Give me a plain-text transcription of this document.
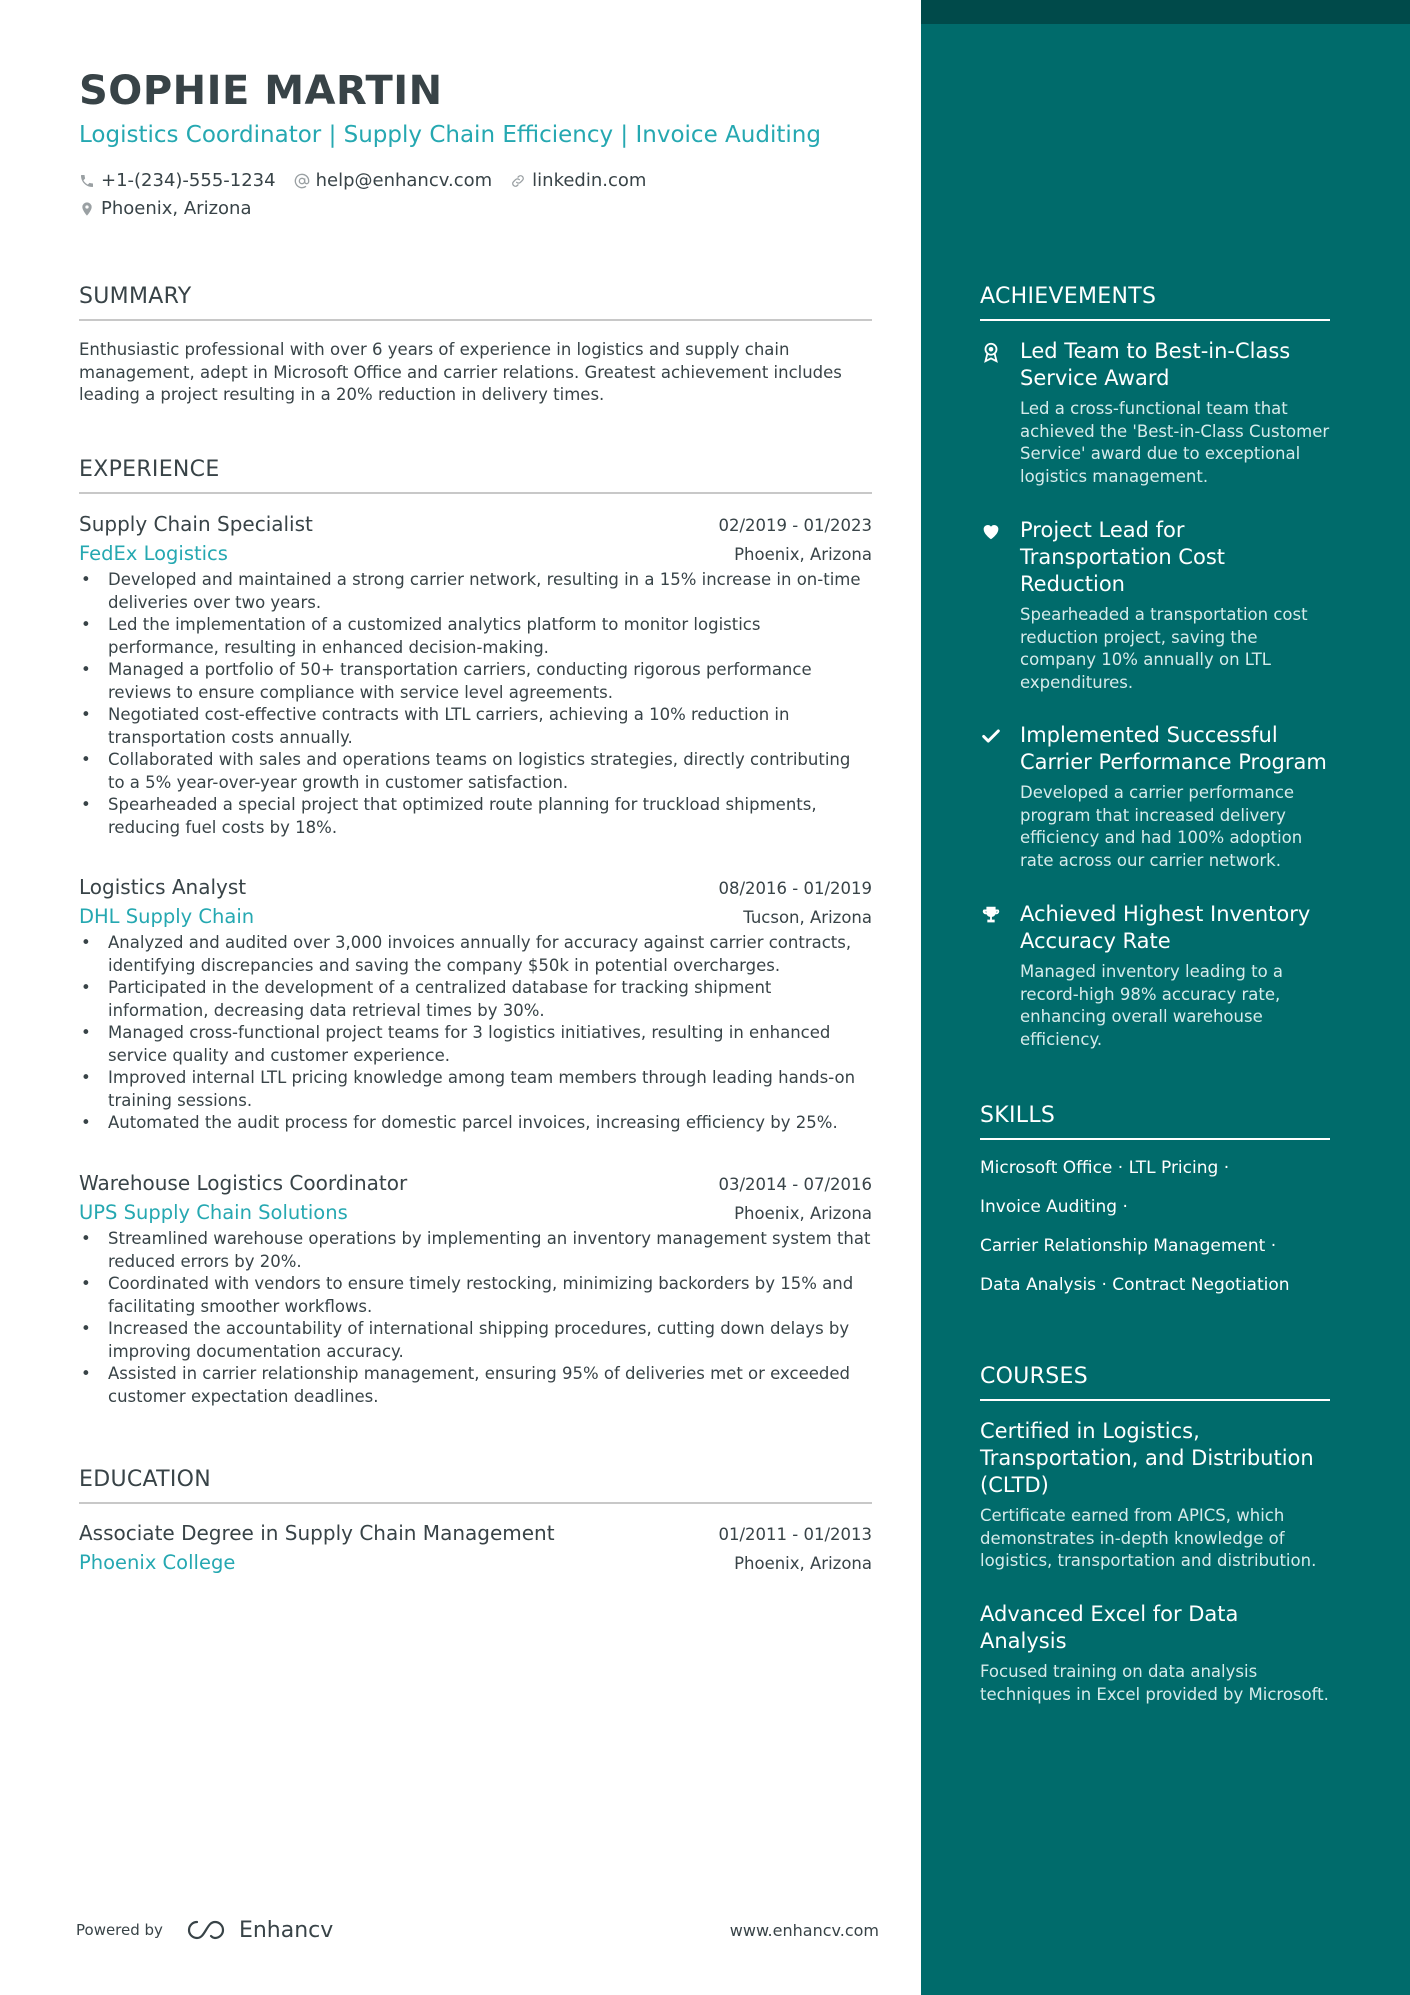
SOPHIE MARTIN
Logistics Coordinator | Supply Chain Efficiency | Invoice Auditing
+1-(234)-555-1234 help@enhancv.com linkedin.com
Phoenix, Arizona
SUMMARY
Enthusiastic professional with over 6 years of experience in logistics and supply chain management, adept in Microsoft Office and carrier relations. Greatest achievement includes leading a project resulting in a 20% reduction in delivery times.
EXPERIENCE
Supply Chain Specialist	02/2019 - 01/2023
FedEx Logistics	Phoenix, Arizona
• Developed and maintained a strong carrier network, resulting in a 15% increase in on-time deliveries over two years.
• Led the implementation of a customized analytics platform to monitor logistics performance, resulting in enhanced decision-making.
• Managed a portfolio of 50+ transportation carriers, conducting rigorous performance reviews to ensure compliance with service level agreements.
• Negotiated cost-effective contracts with LTL carriers, achieving a 10% reduction in transportation costs annually.
• Collaborated with sales and operations teams on logistics strategies, directly contributing to a 5% year-over-year growth in customer satisfaction.
• Spearheaded a special project that optimized route planning for truckload shipments, reducing fuel costs by 18%.
Logistics Analyst	08/2016 - 01/2019
DHL Supply Chain	Tucson, Arizona
• Analyzed and audited over 3,000 invoices annually for accuracy against carrier contracts, identifying discrepancies and saving the company $50k in potential overcharges.
• Participated in the development of a centralized database for tracking shipment information, decreasing data retrieval times by 30%.
• Managed cross-functional project teams for 3 logistics initiatives, resulting in enhanced service quality and customer experience.
• Improved internal LTL pricing knowledge among team members through leading hands-on training sessions.
• Automated the audit process for domestic parcel invoices, increasing efficiency by 25%.
Warehouse Logistics Coordinator	03/2014 - 07/2016
UPS Supply Chain Solutions	Phoenix, Arizona
• Streamlined warehouse operations by implementing an inventory management system that reduced errors by 20%.
• Coordinated with vendors to ensure timely restocking, minimizing backorders by 15% and facilitating smoother workflows.
• Increased the accountability of international shipping procedures, cutting down delays by improving documentation accuracy.
• Assisted in carrier relationship management, ensuring 95% of deliveries met or exceeded customer expectation deadlines.
EDUCATION
Associate Degree in Supply Chain Management	01/2011 - 01/2013
Phoenix College	Phoenix, Arizona
Powered by	Enhancv	www.enhancv.com
ACHIEVEMENTS
Led Team to Best-in-Class Service Award
Led a cross-functional team that achieved the 'Best-in-Class Customer Service' award due to exceptional logistics management.
Project Lead for Transportation Cost Reduction
Spearheaded a transportation cost reduction project, saving the company 10% annually on LTL expenditures.
Implemented Successful Carrier Performance Program
Developed a carrier performance program that increased delivery efficiency and had 100% adoption rate across our carrier network.
Achieved Highest Inventory Accuracy Rate
Managed inventory leading to a record-high 98% accuracy rate, enhancing overall warehouse efficiency.
SKILLS
Microsoft Office · LTL Pricing ·
Invoice Auditing ·
Carrier Relationship Management ·
Data Analysis · Contract Negotiation
COURSES
Certified in Logistics, Transportation, and Distribution (CLTD)
Certificate earned from APICS, which demonstrates in-depth knowledge of logistics, transportation and distribution.
Advanced Excel for Data Analysis
Focused training on data analysis techniques in Excel provided by Microsoft.
